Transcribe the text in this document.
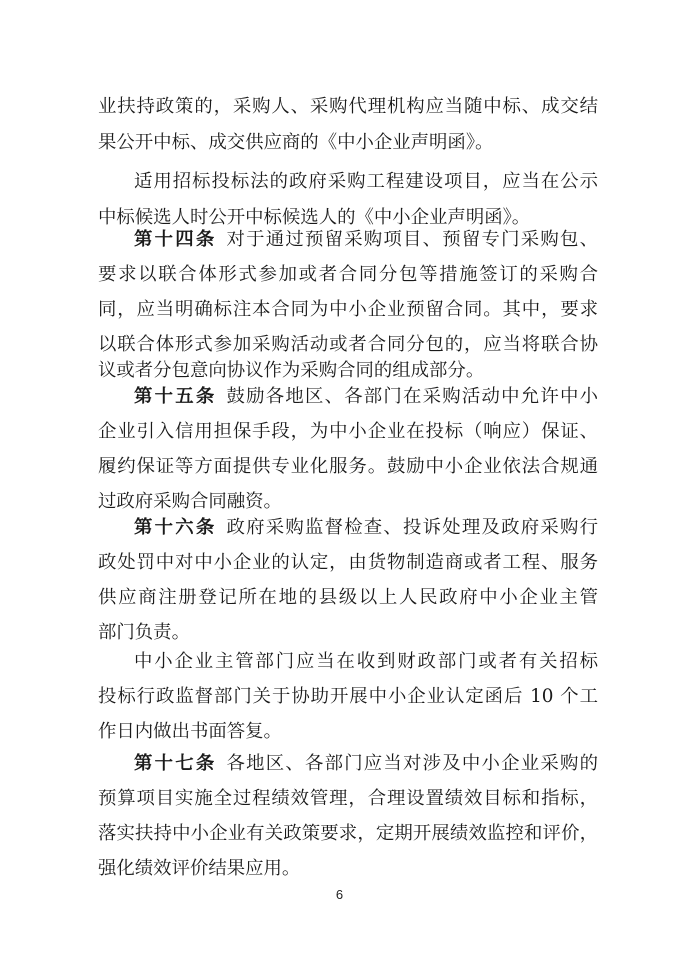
业扶持政策的，采购人、采购代理机构应当随中标、成交结
果公开中标、成交供应商的《中小企业声明函》。
适用招标投标法的政府采购工程建设项目，应当在公示
中标候选人时公开中标候选人的《中小企业声明函》。
第十四条 对于通过预留采购项目、预留专门采购包、
要求以联合体形式参加或者合同分包等措施签订的采购合
同，应当明确标注本合同为中小企业预留合同。其中，要求
以联合体形式参加采购活动或者合同分包的，应当将联合协
议或者分包意向协议作为采购合同的组成部分。
第十五条 鼓励各地区、各部门在采购活动中允许中小
企业引入信用担保手段，为中小企业在投标（响应）保证、
履约保证等方面提供专业化服务。鼓励中小企业依法合规通
过政府采购合同融资。
第十六条 政府采购监督检查、投诉处理及政府采购行
政处罚中对中小企业的认定，由货物制造商或者工程、服务
供应商注册登记所在地的县级以上人民政府中小企业主管
部门负责。
中小企业主管部门应当在收到财政部门或者有关招标
投标行政监督部门关于协助开展中小企业认定函后 10 个工
作日内做出书面答复。
第十七条 各地区、各部门应当对涉及中小企业采购的
预算项目实施全过程绩效管理，合理设置绩效目标和指标，
落实扶持中小企业有关政策要求，定期开展绩效监控和评价，
强化绩效评价结果应用。
6
